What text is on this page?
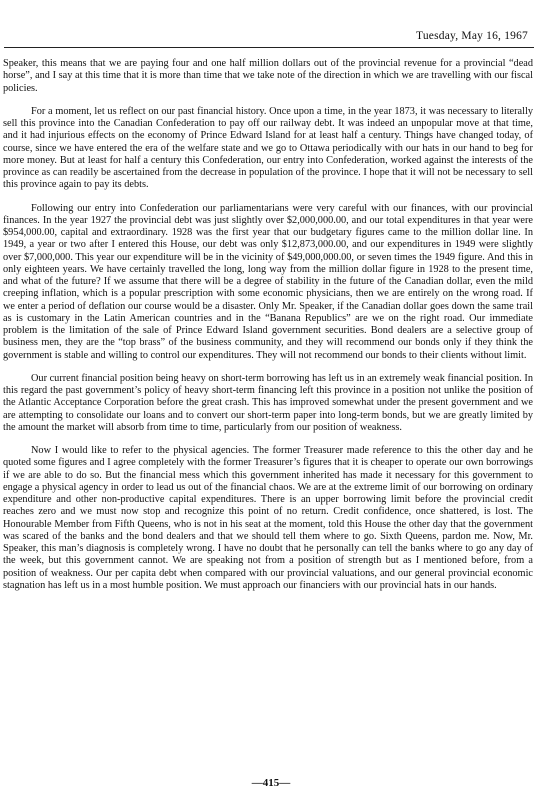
Tuesday, May 16, 1967

Speaker, this means that we are paying four and one half million dollars out of the provincial revenue for a provincial “dead horse”, and I say at this time that it is more than time that we take note of the direction in which we are travelling with our fiscal policies.

For a moment, let us reflect on our past financial history. Once upon a time, in the year 1873, it was necessary to literally sell this province into the Canadian Confederation to pay off our railway debt. It was indeed an unpopular move at that time, and it had injurious effects on the economy of Prince Edward Island for at least half a century. Things have changed today, of course, since we have entered the era of the welfare state and we go to Ottawa periodically with our hats in our hand to beg for more money. But at least for half a century this Confederation, our entry into Confederation, worked against the interests of the province as can readily be ascertained from the decrease in population of the province. I hope that it will not be necessary to sell this province again to pay its debts.

Following our entry into Confederation our parliamentarians were very careful with our finances, with our provincial finances. In the year 1927 the provincial debt was just slightly over $2,000,000.00, and our total expenditures in that year were $954,000.00, capital and extraordinary. 1928 was the first year that our budgetary figures came to the million dollar line. In 1949, a year or two after I entered this House, our debt was only $12,873,000.00, and our expenditures in 1949 were slightly over $7,000,000. This year our expenditure will be in the vicinity of $49,000,000.00, or seven times the 1949 figure. And this in only eighteen years. We have certainly travelled the long, long way from the million dollar figure in 1928 to the present time, and what of the future? If we assume that there will be a degree of stability in the future of the Canadian dollar, even the mild creeping inflation, which is a popular prescription with some economic physicians, then we are entirely on the wrong road. If we enter a period of deflation our course would be a disaster. Only Mr. Speaker, if the Canadian dollar goes down the same trail as is customary in the Latin American countries and in the “Banana Republics” are we on the right road. Our immediate problem is the limitation of the sale of Prince Edward Island government securities. Bond dealers are a selective group of business men, they are the “top brass” of the business community, and they will recommend our bonds only if they think the government is stable and willing to control our expenditures. They will not recommend our bonds to their clients without limit.

Our current financial position being heavy on short-term borrowing has left us in an extremely weak financial position. In this regard the past government’s policy of heavy short-term financing left this province in a position not unlike the position of the Atlantic Acceptance Corporation before the great crash. This has improved somewhat under the present government and we are attempting to consolidate our loans and to convert our short-term paper into long-term bonds, but we are greatly limited by the amount the market will absorb from time to time, particularly from our position of weakness.

Now I would like to refer to the physical agencies. The former Treasurer made reference to this the other day and he quoted some figures and I agree completely with the former Treasurer’s figures that it is cheaper to operate our own borrowings if we are able to do so. But the financial mess which this government inherited has made it necessary for this government to engage a physical agency in order to lead us out of the financial chaos. We are at the extreme limit of our borrowing on ordinary expenditure and other non-productive capital expenditures. There is an upper borrowing limit before the provincial credit reaches zero and we must now stop and recognize this point of no return. Credit confidence, once shattered, is lost. The Honourable Member from Fifth Queens, who is not in his seat at the moment, told this House the other day that the government was scared of the banks and the bond dealers and that we should tell them where to go. Sixth Queens, pardon me. Now, Mr. Speaker, this man’s diagnosis is completely wrong. I have no doubt that he personally can tell the banks where to go any day of the week, but this government cannot. We are speaking not from a position of strength but as I mentioned before, from a position of weakness. Our per capita debt when compared with our provincial valuations, and our general provincial economic stagnation has left us in a most humble position. We must approach our financiers with our provincial hats in our hands.

—415—
